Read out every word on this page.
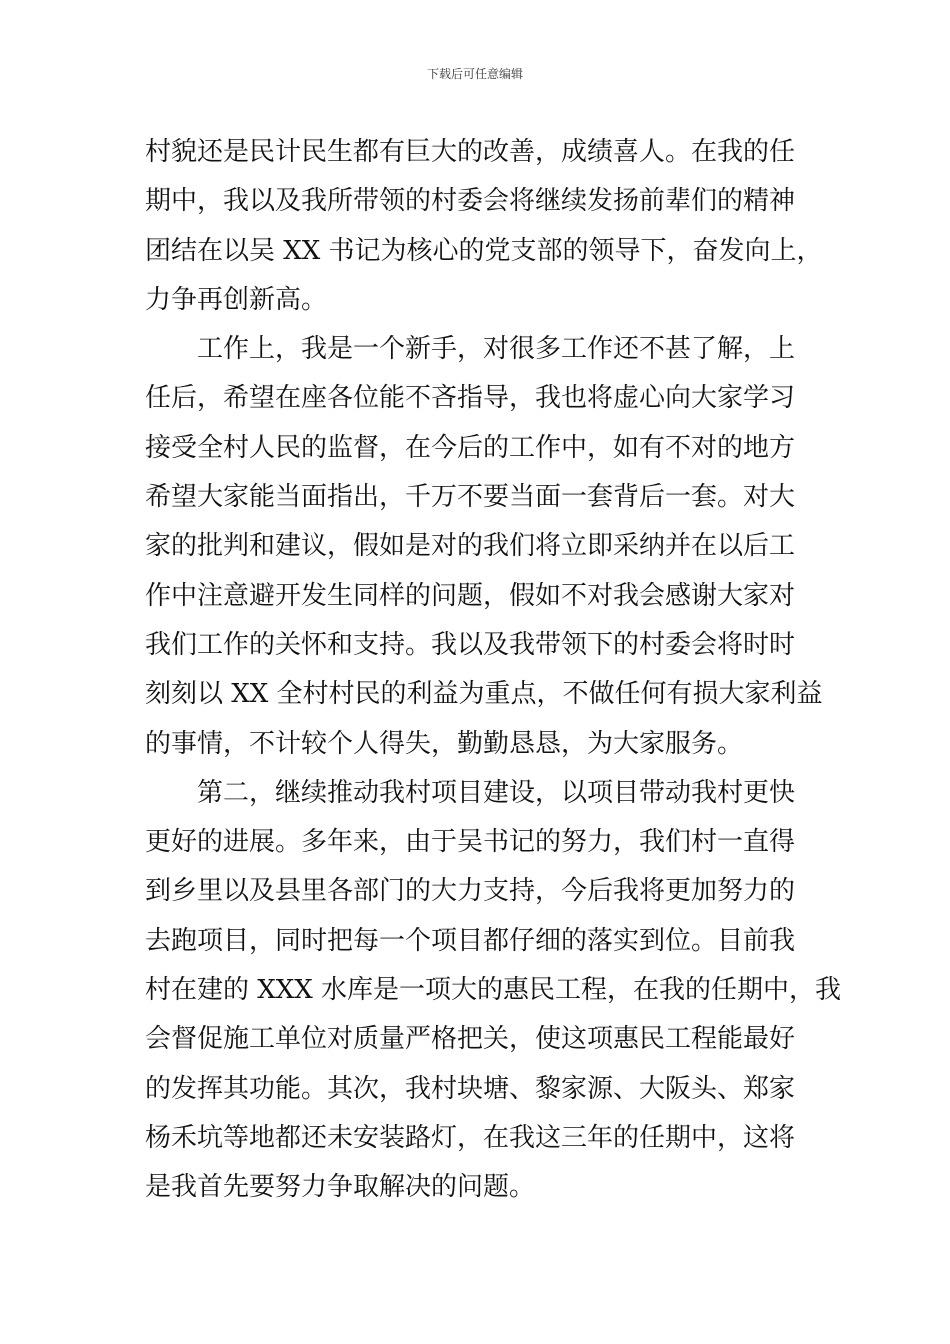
下载后可任意编辑
村貌还是民计民生都有巨大的改善，成绩喜人。在我的任
期中，我以及我所带领的村委会将继续发扬前辈们的精神
团结在以吴 XX 书记为核心的党支部的领导下，奋发向上，
力争再创新高。
工作上，我是一个新手，对很多工作还不甚了解，上
任后，希望在座各位能不吝指导，我也将虚心向大家学习
接受全村人民的监督，在今后的工作中，如有不对的地方
希望大家能当面指出，千万不要当面一套背后一套。对大
家的批判和建议，假如是对的我们将立即采纳并在以后工
作中注意避开发生同样的问题，假如不对我会感谢大家对
我们工作的关怀和支持。我以及我带领下的村委会将时时
刻刻以 XX 全村村民的利益为重点，不做任何有损大家利益
的事情，不计较个人得失，勤勤恳恳，为大家服务。
第二，继续推动我村项目建设，以项目带动我村更快
更好的进展。多年来，由于吴书记的努力，我们村一直得
到乡里以及县里各部门的大力支持，今后我将更加努力的
去跑项目，同时把每一个项目都仔细的落实到位。目前我
村在建的 XXX 水库是一项大的惠民工程，在我的任期中，我
会督促施工单位对质量严格把关，使这项惠民工程能最好
的发挥其功能。其次，我村块塘、黎家源、大阪头、郑家
杨禾坑等地都还未安装路灯，在我这三年的任期中，这将
是我首先要努力争取解决的问题。
